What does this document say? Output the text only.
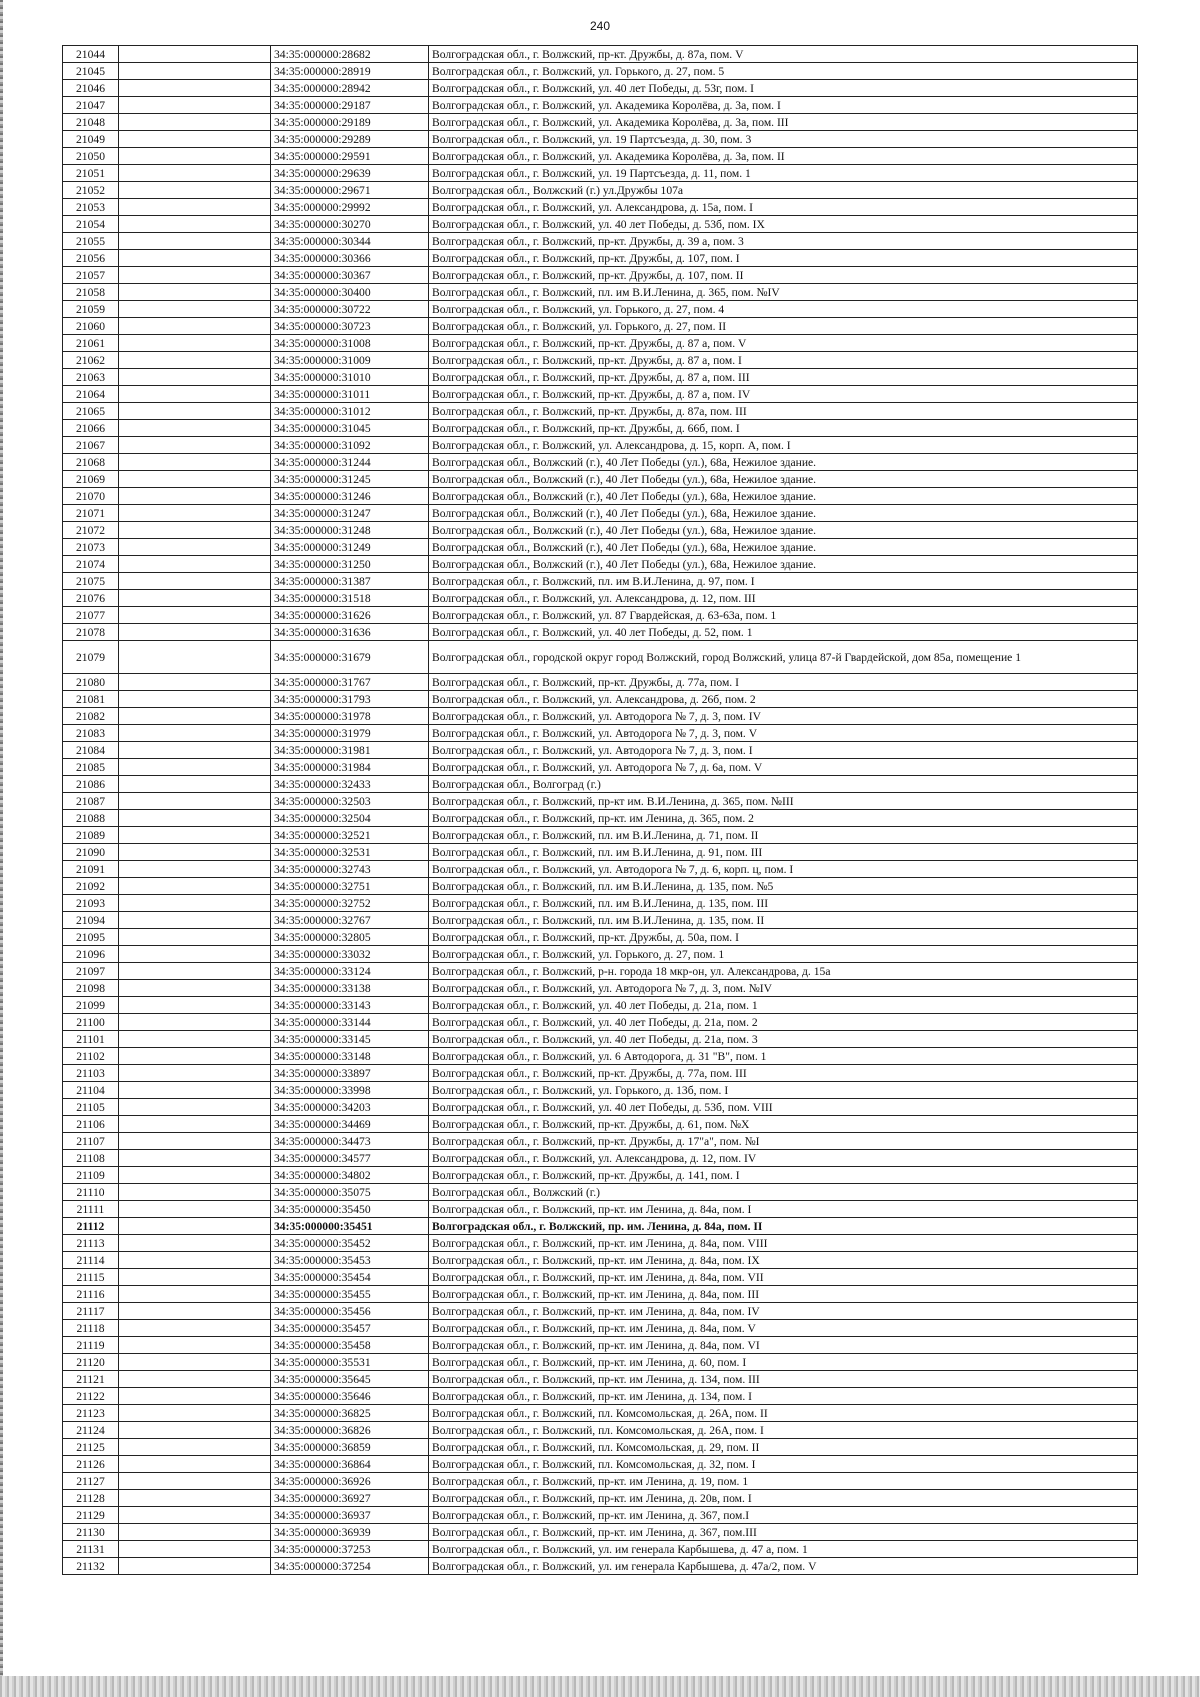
240
21044		34:35:000000:28682	Волгоградская обл., г. Волжский, пр-кт. Дружбы, д. 87а, пом. V
21045		34:35:000000:28919	Волгоградская обл., г. Волжский, ул. Горького, д. 27, пом. 5
21046		34:35:000000:28942	Волгоградская обл., г. Волжский, ул. 40 лет Победы, д. 53г, пом. I
21047		34:35:000000:29187	Волгоградская обл., г. Волжский, ул. Академика Королёва, д. 3а, пом. I
21048		34:35:000000:29189	Волгоградская обл., г. Волжский, ул. Академика Королёва, д. 3а, пом. III
21049		34:35:000000:29289	Волгоградская обл., г. Волжский, ул. 19 Партсъезда, д. 30, пом. 3
21050		34:35:000000:29591	Волгоградская обл., г. Волжский, ул. Академика Королёва, д. 3а, пом. II
21051		34:35:000000:29639	Волгоградская обл., г. Волжский, ул. 19 Партсъезда, д. 11, пом. 1
21052		34:35:000000:29671	Волгоградская обл., Волжский (г.) ул.Дружбы 107а
21053		34:35:000000:29992	Волгоградская обл., г. Волжский, ул. Александрова, д. 15а, пом. I
21054		34:35:000000:30270	Волгоградская обл., г. Волжский, ул. 40 лет Победы, д. 53б, пом. IX
21055		34:35:000000:30344	Волгоградская обл., г. Волжский, пр-кт. Дружбы, д. 39 а, пом. 3
21056		34:35:000000:30366	Волгоградская обл., г. Волжский, пр-кт. Дружбы, д. 107, пом. I
21057		34:35:000000:30367	Волгоградская обл., г. Волжский, пр-кт. Дружбы, д. 107, пом. II
21058		34:35:000000:30400	Волгоградская обл., г. Волжский, пл. им В.И.Ленина, д. 365, пом. №IV
21059		34:35:000000:30722	Волгоградская обл., г. Волжский, ул. Горького, д. 27, пом. 4
21060		34:35:000000:30723	Волгоградская обл., г. Волжский, ул. Горького, д. 27, пом. II
21061		34:35:000000:31008	Волгоградская обл., г. Волжский, пр-кт. Дружбы, д. 87 а, пом. V
21062		34:35:000000:31009	Волгоградская обл., г. Волжский, пр-кт. Дружбы, д. 87 а, пом. I
21063		34:35:000000:31010	Волгоградская обл., г. Волжский, пр-кт. Дружбы, д. 87 а, пом. III
21064		34:35:000000:31011	Волгоградская обл., г. Волжский, пр-кт. Дружбы, д. 87 а, пом. IV
21065		34:35:000000:31012	Волгоградская обл., г. Волжский, пр-кт. Дружбы, д. 87а, пом. III
21066		34:35:000000:31045	Волгоградская обл., г. Волжский, пр-кт. Дружбы, д. 66б, пом. I
21067		34:35:000000:31092	Волгоградская обл., г. Волжский, ул. Александрова, д. 15, корп. А, пом. I
21068		34:35:000000:31244	Волгоградская обл., Волжский (г.), 40 Лет Победы (ул.), 68а, Нежилое здание.
21069		34:35:000000:31245	Волгоградская обл., Волжский (г.), 40 Лет Победы (ул.), 68а, Нежилое здание.
21070		34:35:000000:31246	Волгоградская обл., Волжский (г.), 40 Лет Победы (ул.), 68а, Нежилое здание.
21071		34:35:000000:31247	Волгоградская обл., Волжский (г.), 40 Лет Победы (ул.), 68а, Нежилое здание.
21072		34:35:000000:31248	Волгоградская обл., Волжский (г.), 40 Лет Победы (ул.), 68а, Нежилое здание.
21073		34:35:000000:31249	Волгоградская обл., Волжский (г.), 40 Лет Победы (ул.), 68а, Нежилое здание.
21074		34:35:000000:31250	Волгоградская обл., Волжский (г.), 40 Лет Победы (ул.), 68а, Нежилое здание.
21075		34:35:000000:31387	Волгоградская обл., г. Волжский, пл. им В.И.Ленина, д. 97, пом. I
21076		34:35:000000:31518	Волгоградская обл., г. Волжский, ул. Александрова, д. 12, пом. III
21077		34:35:000000:31626	Волгоградская обл., г. Волжский, ул. 87 Гвардейская, д. 63-63а, пом. 1
21078		34:35:000000:31636	Волгоградская обл., г. Волжский, ул. 40 лет Победы, д. 52, пом. 1
21079		34:35:000000:31679	Волгоградская обл., городской округ город Волжский, город Волжский, улица 87-й Гвардейской, дом 85а, помещение 1
21080		34:35:000000:31767	Волгоградская обл., г. Волжский, пр-кт. Дружбы, д. 77а, пом. I
21081		34:35:000000:31793	Волгоградская обл., г. Волжский, ул. Александрова, д. 26б, пом. 2
21082		34:35:000000:31978	Волгоградская обл., г. Волжский, ул. Автодорога № 7, д. 3, пом. IV
21083		34:35:000000:31979	Волгоградская обл., г. Волжский, ул. Автодорога № 7, д. 3, пом. V
21084		34:35:000000:31981	Волгоградская обл., г. Волжский, ул. Автодорога № 7, д. 3, пом. I
21085		34:35:000000:31984	Волгоградская обл., г. Волжский, ул. Автодорога № 7, д. 6а, пом. V
21086		34:35:000000:32433	Волгоградская обл., Волгоград (г.)
21087		34:35:000000:32503	Волгоградская обл., г. Волжский, пр-кт им. В.И.Ленина, д. 365, пом. №III
21088		34:35:000000:32504	Волгоградская обл., г. Волжский, пр-кт. им Ленина, д. 365, пом. 2
21089		34:35:000000:32521	Волгоградская обл., г. Волжский, пл. им В.И.Ленина, д. 71, пом. II
21090		34:35:000000:32531	Волгоградская обл., г. Волжский, пл. им В.И.Ленина, д. 91, пом. III
21091		34:35:000000:32743	Волгоградская обл., г. Волжский, ул. Автодорога № 7, д. 6, корп. ц, пом. I
21092		34:35:000000:32751	Волгоградская обл., г. Волжский, пл. им В.И.Ленина, д. 135, пом. №5
21093		34:35:000000:32752	Волгоградская обл., г. Волжский, пл. им В.И.Ленина, д. 135, пом. III
21094		34:35:000000:32767	Волгоградская обл., г. Волжский, пл. им В.И.Ленина, д. 135, пом. II
21095		34:35:000000:32805	Волгоградская обл., г. Волжский, пр-кт. Дружбы, д. 50а, пом. I
21096		34:35:000000:33032	Волгоградская обл., г. Волжский, ул. Горького, д. 27, пом. 1
21097		34:35:000000:33124	Волгоградская обл., г. Волжский, р-н. города 18 мкр-он, ул. Александрова, д. 15а
21098		34:35:000000:33138	Волгоградская обл., г. Волжский, ул. Автодорога № 7, д. 3, пом. №IV
21099		34:35:000000:33143	Волгоградская обл., г. Волжский, ул. 40 лет Победы, д. 21а, пом. 1
21100		34:35:000000:33144	Волгоградская обл., г. Волжский, ул. 40 лет Победы, д. 21а, пом. 2
21101		34:35:000000:33145	Волгоградская обл., г. Волжский, ул. 40 лет Победы, д. 21а, пом. 3
21102		34:35:000000:33148	Волгоградская обл., г. Волжский, ул. 6 Автодорога, д. 31 "В", пом. 1
21103		34:35:000000:33897	Волгоградская обл., г. Волжский, пр-кт. Дружбы, д. 77а, пом. III
21104		34:35:000000:33998	Волгоградская обл., г. Волжский, ул. Горького, д. 13б, пом. I
21105		34:35:000000:34203	Волгоградская обл., г. Волжский, ул. 40 лет Победы, д. 53б, пом. VIII
21106		34:35:000000:34469	Волгоградская обл., г. Волжский, пр-кт. Дружбы, д. 61, пом. №X
21107		34:35:000000:34473	Волгоградская обл., г. Волжский, пр-кт. Дружбы, д. 17"а", пом. №I
21108		34:35:000000:34577	Волгоградская обл., г. Волжский, ул. Александрова, д. 12, пом. IV
21109		34:35:000000:34802	Волгоградская обл., г. Волжский, пр-кт. Дружбы, д. 141, пом. I
21110		34:35:000000:35075	Волгоградская обл., Волжский (г.)
21111		34:35:000000:35450	Волгоградская обл., г. Волжский, пр-кт. им Ленина, д. 84а, пом. I
21112		34:35:000000:35451	Волгоградская обл., г. Волжский, пр. им. Ленина, д. 84а, пом. II
21113		34:35:000000:35452	Волгоградская обл., г. Волжский, пр-кт. им Ленина, д. 84а, пом. VIII
21114		34:35:000000:35453	Волгоградская обл., г. Волжский, пр-кт. им Ленина, д. 84а, пом. IX
21115		34:35:000000:35454	Волгоградская обл., г. Волжский, пр-кт. им Ленина, д. 84а, пом. VII
21116		34:35:000000:35455	Волгоградская обл., г. Волжский, пр-кт. им Ленина, д. 84а, пом. III
21117		34:35:000000:35456	Волгоградская обл., г. Волжский, пр-кт. им Ленина, д. 84а, пом. IV
21118		34:35:000000:35457	Волгоградская обл., г. Волжский, пр-кт. им Ленина, д. 84а, пом. V
21119		34:35:000000:35458	Волгоградская обл., г. Волжский, пр-кт. им Ленина, д. 84а, пом. VI
21120		34:35:000000:35531	Волгоградская обл., г. Волжский, пр-кт. им Ленина, д. 60, пом. I
21121		34:35:000000:35645	Волгоградская обл., г. Волжский, пр-кт. им Ленина, д. 134, пом. III
21122		34:35:000000:35646	Волгоградская обл., г. Волжский, пр-кт. им Ленина, д. 134, пом. I
21123		34:35:000000:36825	Волгоградская обл., г. Волжский, пл. Комсомольская, д. 26А, пом. II
21124		34:35:000000:36826	Волгоградская обл., г. Волжский, пл. Комсомольская, д. 26А, пом. I
21125		34:35:000000:36859	Волгоградская обл., г. Волжский, пл. Комсомольская, д. 29, пом. II
21126		34:35:000000:36864	Волгоградская обл., г. Волжский, пл. Комсомольская, д. 32, пом. I
21127		34:35:000000:36926	Волгоградская обл., г. Волжский, пр-кт. им Ленина, д. 19, пом. 1
21128		34:35:000000:36927	Волгоградская обл., г. Волжский, пр-кт. им Ленина, д. 20в, пом. I
21129		34:35:000000:36937	Волгоградская обл., г. Волжский, пр-кт. им Ленина, д. 367, пом.I
21130		34:35:000000:36939	Волгоградская обл., г. Волжский, пр-кт. им Ленина, д. 367, пом.III
21131		34:35:000000:37253	Волгоградская обл., г. Волжский, ул. им генерала Карбышева, д. 47 а, пом. 1
21132		34:35:000000:37254	Волгоградская обл., г. Волжский, ул. им генерала Карбышева, д. 47а/2, пом. V
